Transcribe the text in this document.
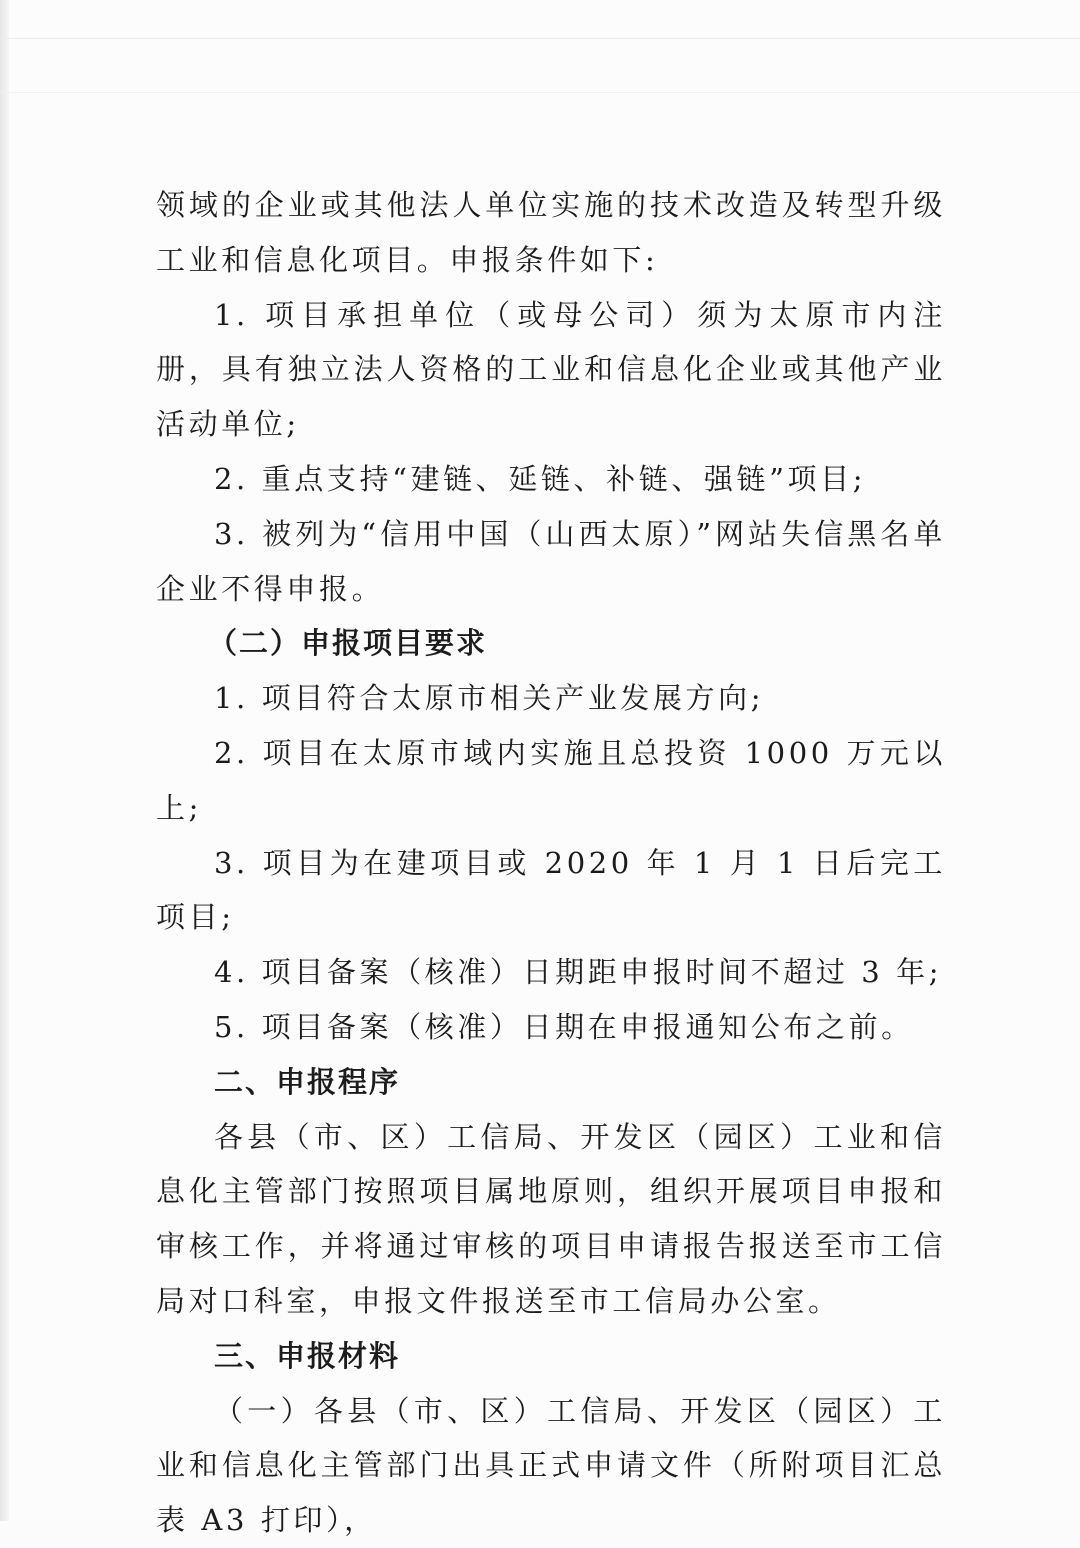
领域的企业或其他法人单位实施的技术改造及转型升级工业和信息化项目。申报条件如下:

1. 项目承担单位（或母公司）须为太原市内注册，具有独立法人资格的工业和信息化企业或其他产业活动单位;

2. 重点支持“建链、延链、补链、强链”项目;

3. 被列为“信用中国（山西太原）”网站失信黑名单企业不得申报。

（二）申报项目要求

1. 项目符合太原市相关产业发展方向;

2. 项目在太原市域内实施且总投资 1000 万元以上;

3. 项目为在建项目或 2020 年 1 月 1 日后完工项目;

4. 项目备案（核准）日期距申报时间不超过 3 年;

5. 项目备案（核准）日期在申报通知公布之前。

二、申报程序

各县（市、区）工信局、开发区（园区）工业和信息化主管部门按照项目属地原则，组织开展项目申报和审核工作，并将通过审核的项目申请报告报送至市工信局对口科室，申报文件报送至市工信局办公室。

三、申报材料

（一）各县（市、区）工信局、开发区（园区）工业和信息化主管部门出具正式申请文件（所附项目汇总表 A3 打印），
